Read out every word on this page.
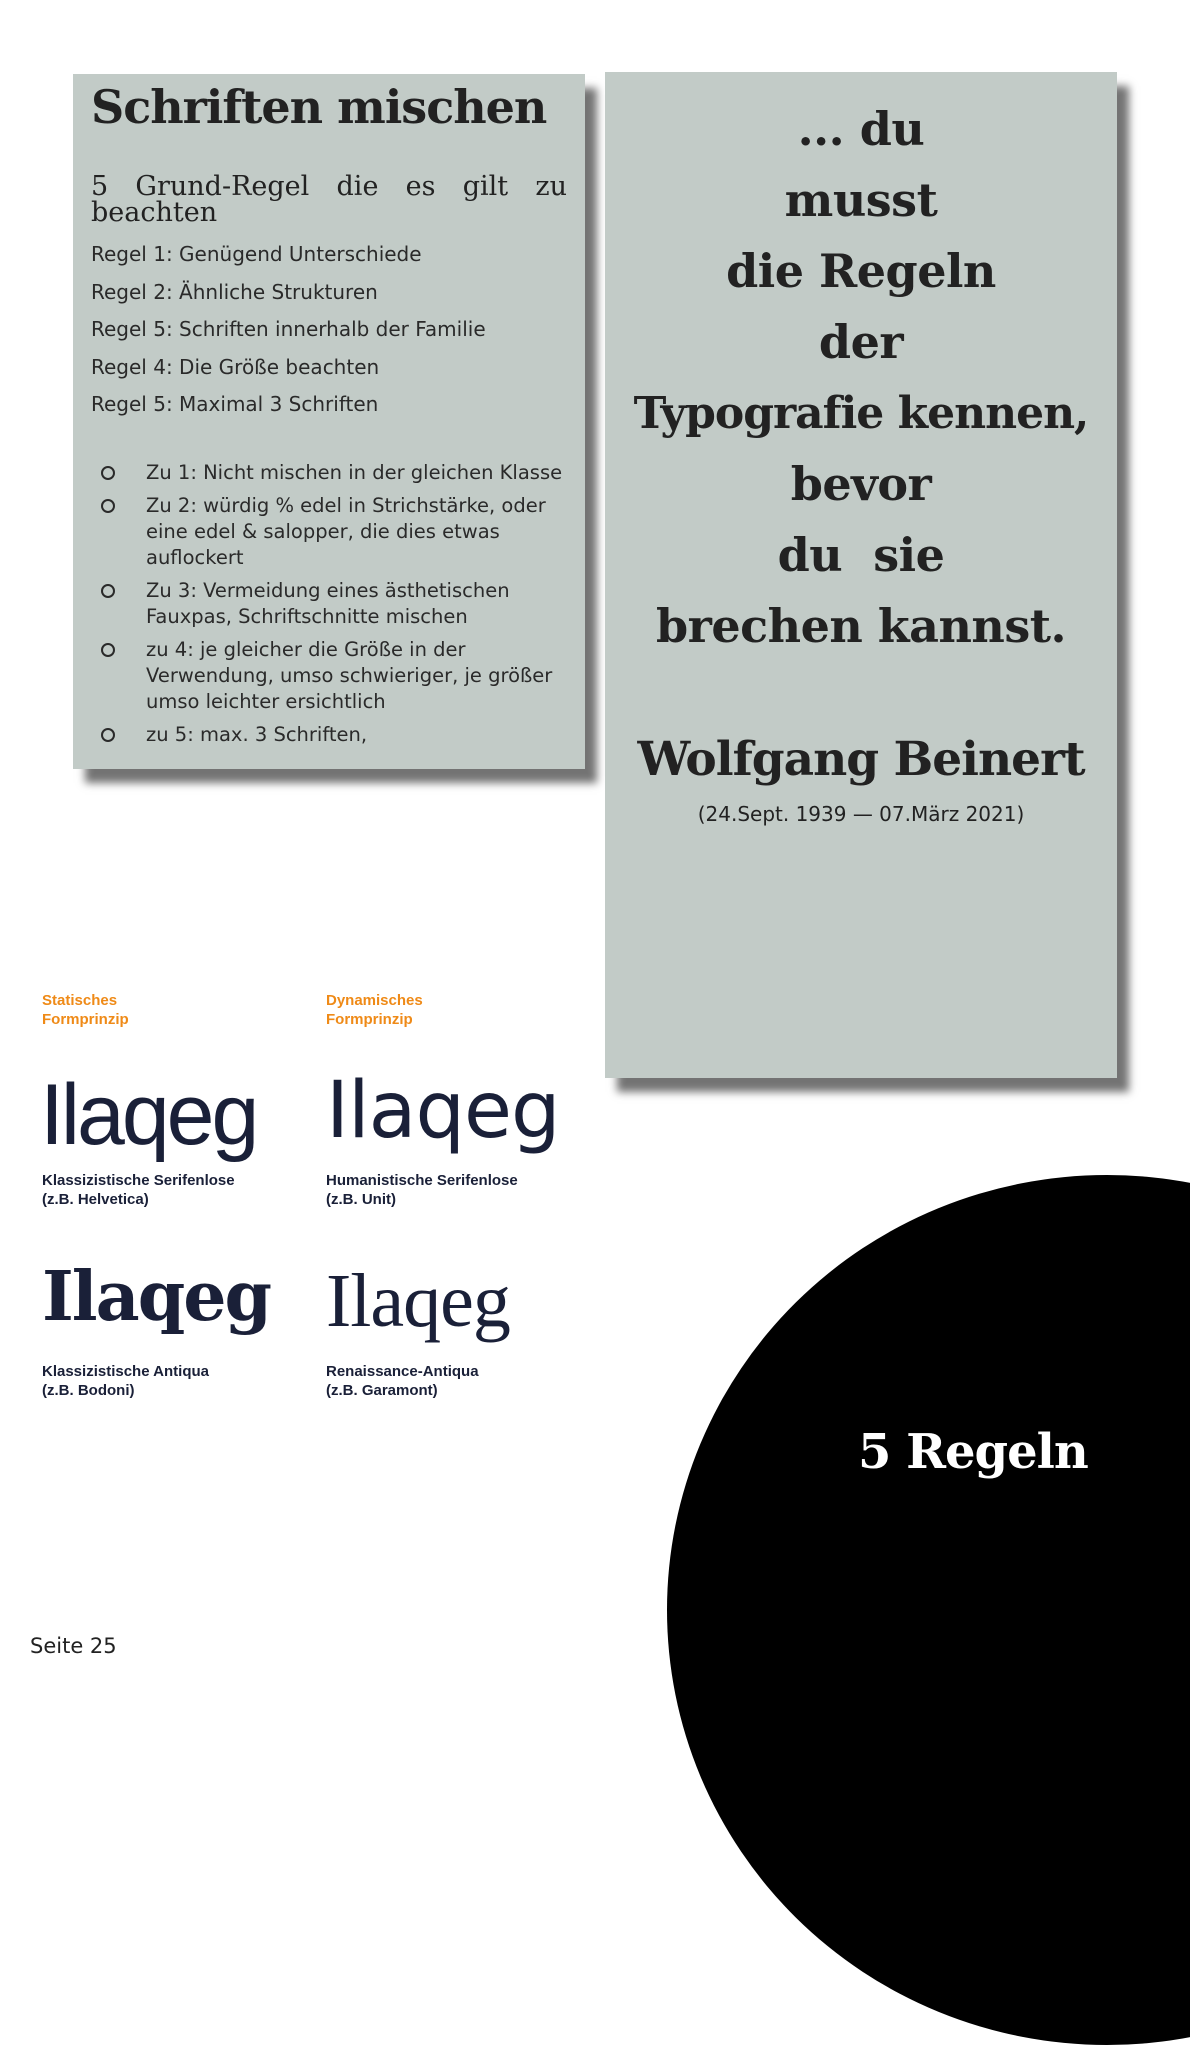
Schriften mischen

5 Grund-Regel die es gilt zu beachten

Regel 1: Genügend Unterschiede
Regel 2: Ähnliche Strukturen
Regel 5: Schriften innerhalb der Familie
Regel 4: Die Größe beachten
Regel 5: Maximal 3 Schriften
Zu 1: Nicht mischen in der gleichen Klasse
Zu 2: würdig % edel in Strichstärke, oder eine edel & salopper, die dies etwas auflockert
Zu 3: Vermeidung eines ästhetischen Fauxpas, Schriftschnitte mischen
zu 4: je gleicher die Größe in der Verwendung, umso schwieriger, je größer umso leichter ersichtlich
zu 5: max. 3 Schriften,
... du
musst
die Regeln
der
Typografie kennen,
bevor
du  sie
brechen kannst.
Wolfgang Beinert
(24.Sept. 1939 — 07.März 2021)
Statisches
Formprinzip
Dynamisches
Formprinzip
Ilaqeg Ilaqeg
Klassizistische Serifenlose
(z.B. Helvetica)
Humanistische Serifenlose
(z.B. Unit)
Ilaqeg Ilaqeg
Klassizistische Antiqua
(z.B. Bodoni)
Renaissance-Antiqua
(z.B. Garamont)
5 Regeln
Seite 25
